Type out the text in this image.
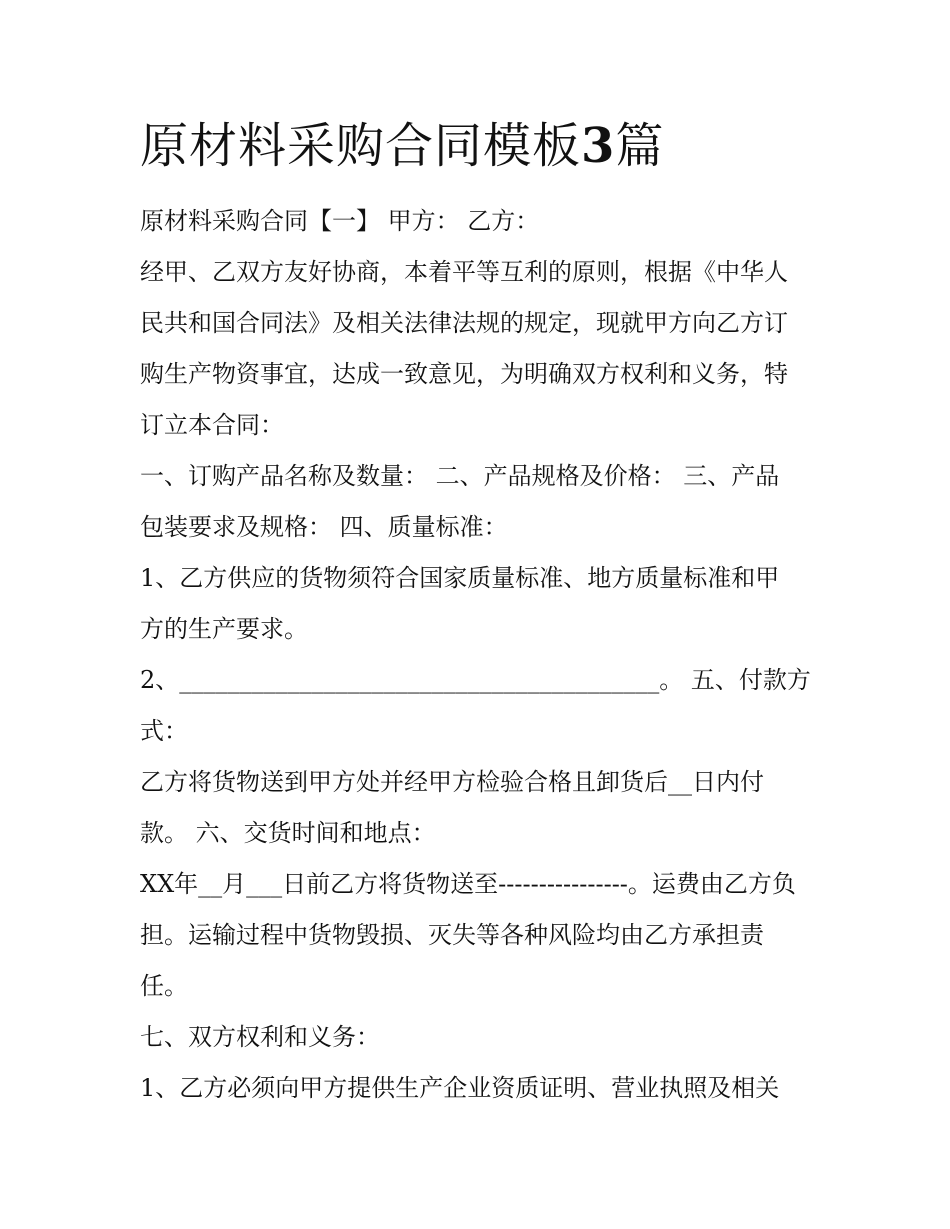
原材料采购合同模板3篇

原材料采购合同【一】 甲方： 乙方：

经甲、乙双方友好协商，本着平等互利的原则，根据《中华人

民共和国合同法》及相关法律法规的规定，现就甲方向乙方订

购生产物资事宜，达成一致意见，为明确双方权利和义务，特

订立本合同：

一、订购产品名称及数量： 二、产品规格及价格： 三、产品

包装要求及规格： 四、质量标准：

1、乙方供应的货物须符合国家质量标准、地方质量标准和甲

方的生产要求。

2、________________________________________。 五、付款方

式：

乙方将货物送到甲方处并经甲方检验合格且卸货后__日内付

款。 六、交货时间和地点：

XX年__月___日前乙方将货物送至----------------。运费由乙方负

担。运输过程中货物毁损、灭失等各种风险均由乙方承担责

任。

七、双方权利和义务：

1、乙方必须向甲方提供生产企业资质证明、营业执照及相关
